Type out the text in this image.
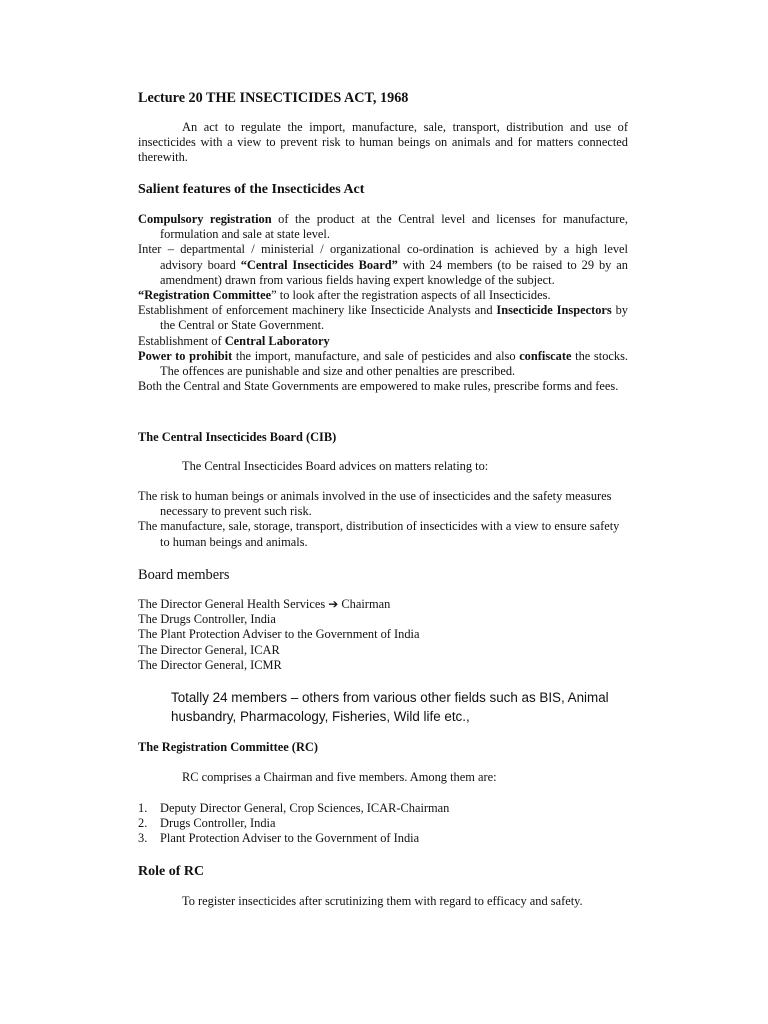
Lecture 20 THE INSECTICIDES ACT, 1968
An act to regulate the import, manufacture, sale, transport, distribution and use of insecticides with a view to prevent risk to human beings on animals and for matters connected therewith.
Salient features of the Insecticides Act
Compulsory registration of the product at the Central level and licenses for manufacture, formulation and sale at state level.
Inter – departmental / ministerial / organizational co-ordination is achieved by a high level advisory board “Central Insecticides Board” with 24 members (to be raised to 29 by an amendment) drawn from various fields having expert knowledge of the subject.
“Registration Committee” to look after the registration aspects of all Insecticides.
Establishment of enforcement machinery like Insecticide Analysts and Insecticide Inspectors by the Central or State Government.
Establishment of Central Laboratory
Power to prohibit the import, manufacture, and sale of pesticides and also confiscate the stocks. The offences are punishable and size and other penalties are prescribed.
Both the Central and State Governments are empowered to make rules, prescribe forms and fees.
The Central Insecticides Board (CIB)
The Central Insecticides Board advices on matters relating to:
The risk to human beings or animals involved in the use of insecticides and the safety measures necessary to prevent such risk.
The manufacture, sale, storage, transport, distribution of insecticides with a view to ensure safety to human beings and animals.
Board members
The Director General Health Services ➔ Chairman
The Drugs Controller, India
The Plant Protection Adviser to the Government of India
The Director General, ICAR
The Director General, ICMR
Totally 24 members – others from various other fields such as BIS, Animal husbandry, Pharmacology, Fisheries, Wild life etc.,
The Registration Committee (RC)
RC comprises a Chairman and five members. Among them are:
1. Deputy Director General, Crop Sciences, ICAR-Chairman
2. Drugs Controller, India
3. Plant Protection Adviser to the Government of India
Role of RC
To register insecticides after scrutinizing them with regard to efficacy and safety.
